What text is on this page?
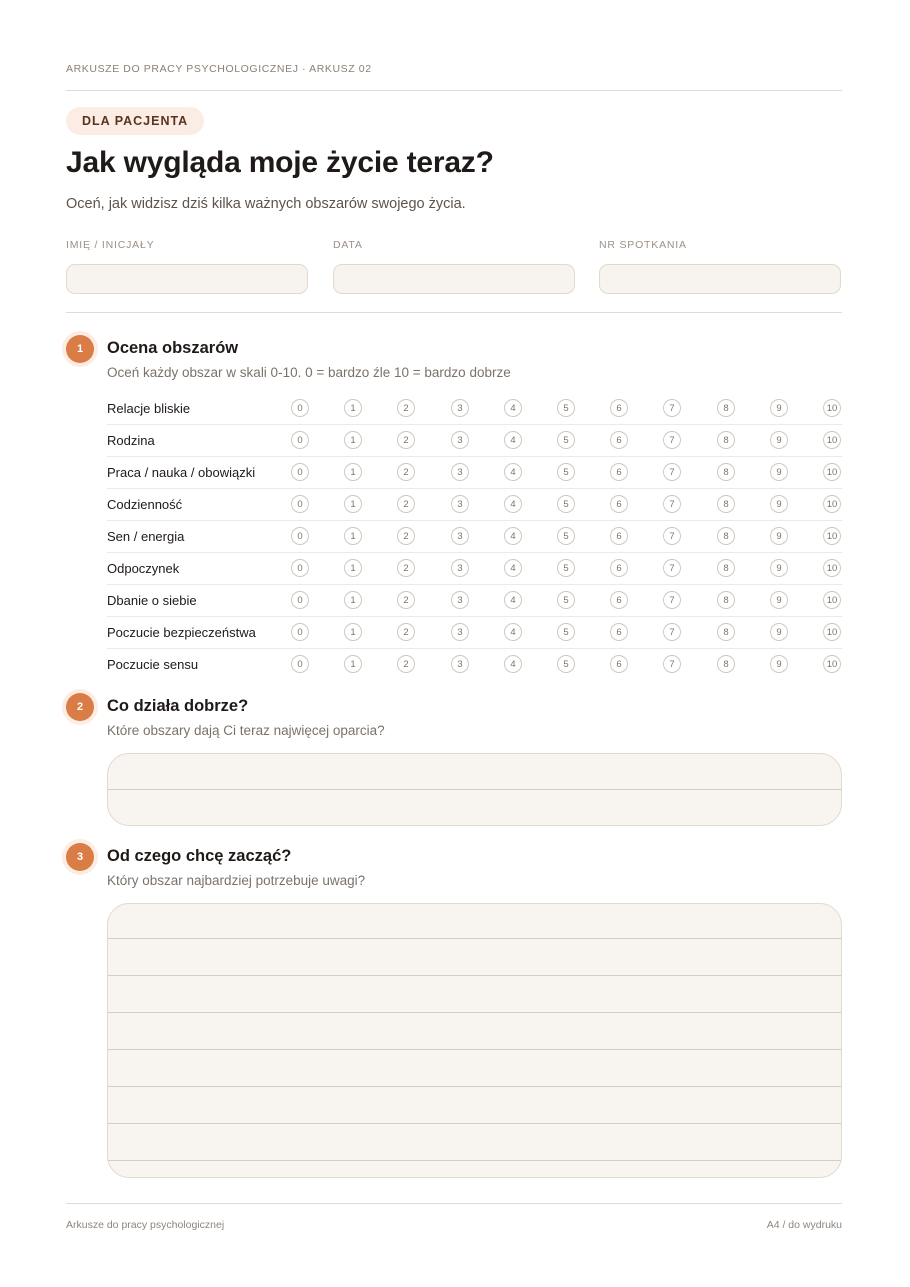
ARKUSZE DO PRACY PSYCHOLOGICZNEJ · ARKUSZ 02
DLA PACJENTA
Jak wygląda moje życie teraz?
Oceń, jak widzisz dziś kilka ważnych obszarów swojego życia.
IMIĘ / INICJAŁY	DATA	NR SPOTKANIA
1	Ocena obszarów
Oceń każdy obszar w skali 0-10. 0 = bardzo źle 10 = bardzo dobrze
Relacje bliskie	0	1	2	3	4	5	6	7	8	9	10
Rodzina	0	1	2	3	4	5	6	7	8	9	10
Praca / nauka / obowiązki	0	1	2	3	4	5	6	7	8	9	10
Codzienność	0	1	2	3	4	5	6	7	8	9	10
Sen / energia	0	1	2	3	4	5	6	7	8	9	10
Odpoczynek	0	1	2	3	4	5	6	7	8	9	10
Dbanie o siebie	0	1	2	3	4	5	6	7	8	9	10
Poczucie bezpieczeństwa	0	1	2	3	4	5	6	7	8	9	10
Poczucie sensu	0	1	2	3	4	5	6	7	8	9	10
2	Co działa dobrze?
Które obszary dają Ci teraz najwięcej oparcia?
3	Od czego chcę zacząć?
Który obszar najbardziej potrzebuje uwagi?
Arkusze do pracy psychologicznej	A4 / do wydruku
